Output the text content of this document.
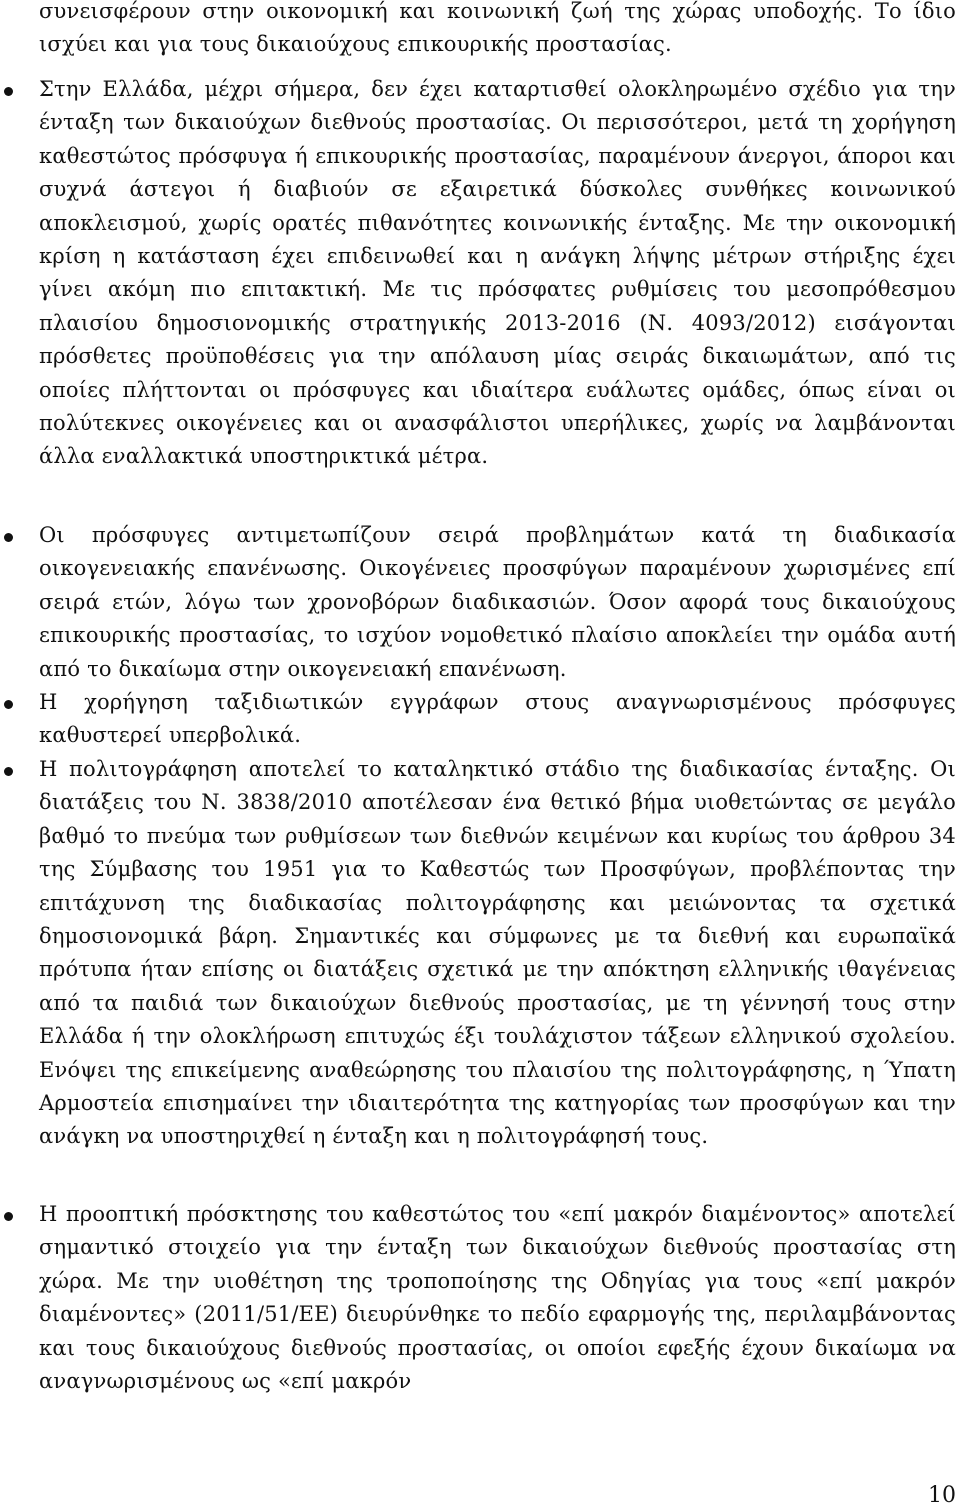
συνεισφέρουν στην οικονομική και κοινωνική ζωή της χώρας υποδοχής. Το ίδιο ισχύει και για τους δικαιούχους επικουρικής προστασίας.

Στην Ελλάδα, μέχρι σήμερα, δεν έχει καταρτισθεί ολοκληρωμένο σχέδιο για την ένταξη των δικαιούχων διεθνούς προστασίας. Οι περισσότεροι, μετά τη χορήγηση καθεστώτος πρόσφυγα ή επικουρικής προστασίας, παραμένουν άνεργοι, άποροι και συχνά άστεγοι ή διαβιούν σε εξαιρετικά δύσκολες συνθήκες κοινωνικού αποκλεισμού, χωρίς ορατές πιθανότητες κοινωνικής ένταξης. Με την οικονομική κρίση η κατάσταση έχει επιδεινωθεί και η ανάγκη λήψης μέτρων στήριξης έχει γίνει ακόμη πιο επιτακτική. Με τις πρόσφατες ρυθμίσεις του μεσοπρόθεσμου πλαισίου δημοσιονομικής στρατηγικής 2013-2016 (Ν. 4093/2012) εισάγονται πρόσθετες προϋποθέσεις για την απόλαυση μίας σειράς δικαιωμάτων, από τις οποίες πλήττονται οι πρόσφυγες και ιδιαίτερα ευάλωτες ομάδες, όπως είναι οι πολύτεκνες οικογένειες και οι ανασφάλιστοι υπερήλικες, χωρίς να λαμβάνονται άλλα εναλλακτικά υποστηρικτικά μέτρα.

Οι πρόσφυγες αντιμετωπίζουν σειρά προβλημάτων κατά τη διαδικασία οικογενειακής επανένωσης. Οικογένειες προσφύγων παραμένουν χωρισμένες επί σειρά ετών, λόγω των χρονοβόρων διαδικασιών. Όσον αφορά τους δικαιούχους επικουρικής προστασίας, το ισχύον νομοθετικό πλαίσιο αποκλείει την ομάδα αυτή από το δικαίωμα στην οικογενειακή επανένωση.

Η χορήγηση ταξιδιωτικών εγγράφων στους αναγνωρισμένους πρόσφυγες καθυστερεί υπερβολικά.

Η πολιτογράφηση αποτελεί το καταληκτικό στάδιο της διαδικασίας ένταξης. Οι διατάξεις του Ν. 3838/2010 αποτέλεσαν ένα θετικό βήμα υιοθετώντας σε μεγάλο βαθμό το πνεύμα των ρυθμίσεων των διεθνών κειμένων και κυρίως του άρθρου 34 της Σύμβασης του 1951 για το Καθεστώς των Προσφύγων, προβλέποντας την επιτάχυνση της διαδικασίας πολιτογράφησης και μειώνοντας τα σχετικά δημοσιονομικά βάρη. Σημαντικές και σύμφωνες με τα διεθνή και ευρωπαϊκά πρότυπα ήταν επίσης οι διατάξεις σχετικά με την απόκτηση ελληνικής ιθαγένειας από τα παιδιά των δικαιούχων διεθνούς προστασίας, με τη γέννησή τους στην Ελλάδα ή την ολοκλήρωση επιτυχώς έξι τουλάχιστον τάξεων ελληνικού σχολείου. Ενόψει της επικείμενης αναθεώρησης του πλαισίου της πολιτογράφησης, η Ύπατη Αρμοστεία επισημαίνει την ιδιαιτερότητα της κατηγορίας των προσφύγων και την ανάγκη να υποστηριχθεί η ένταξη και η πολιτογράφησή τους.

Η προοπτική πρόσκτησης του καθεστώτος του «επί μακρόν διαμένοντος» αποτελεί σημαντικό στοιχείο για την ένταξη των δικαιούχων διεθνούς προστασίας στη χώρα. Με την υιοθέτηση της τροποποίησης της Οδηγίας για τους «επί μακρόν διαμένοντες» (2011/51/ΕΕ) διευρύνθηκε το πεδίο εφαρμογής της, περιλαμβάνοντας και τους δικαιούχους διεθνούς προστασίας, οι οποίοι εφεξής έχουν δικαίωμα να αναγνωρισμένους ως «επί μακρόν

10
